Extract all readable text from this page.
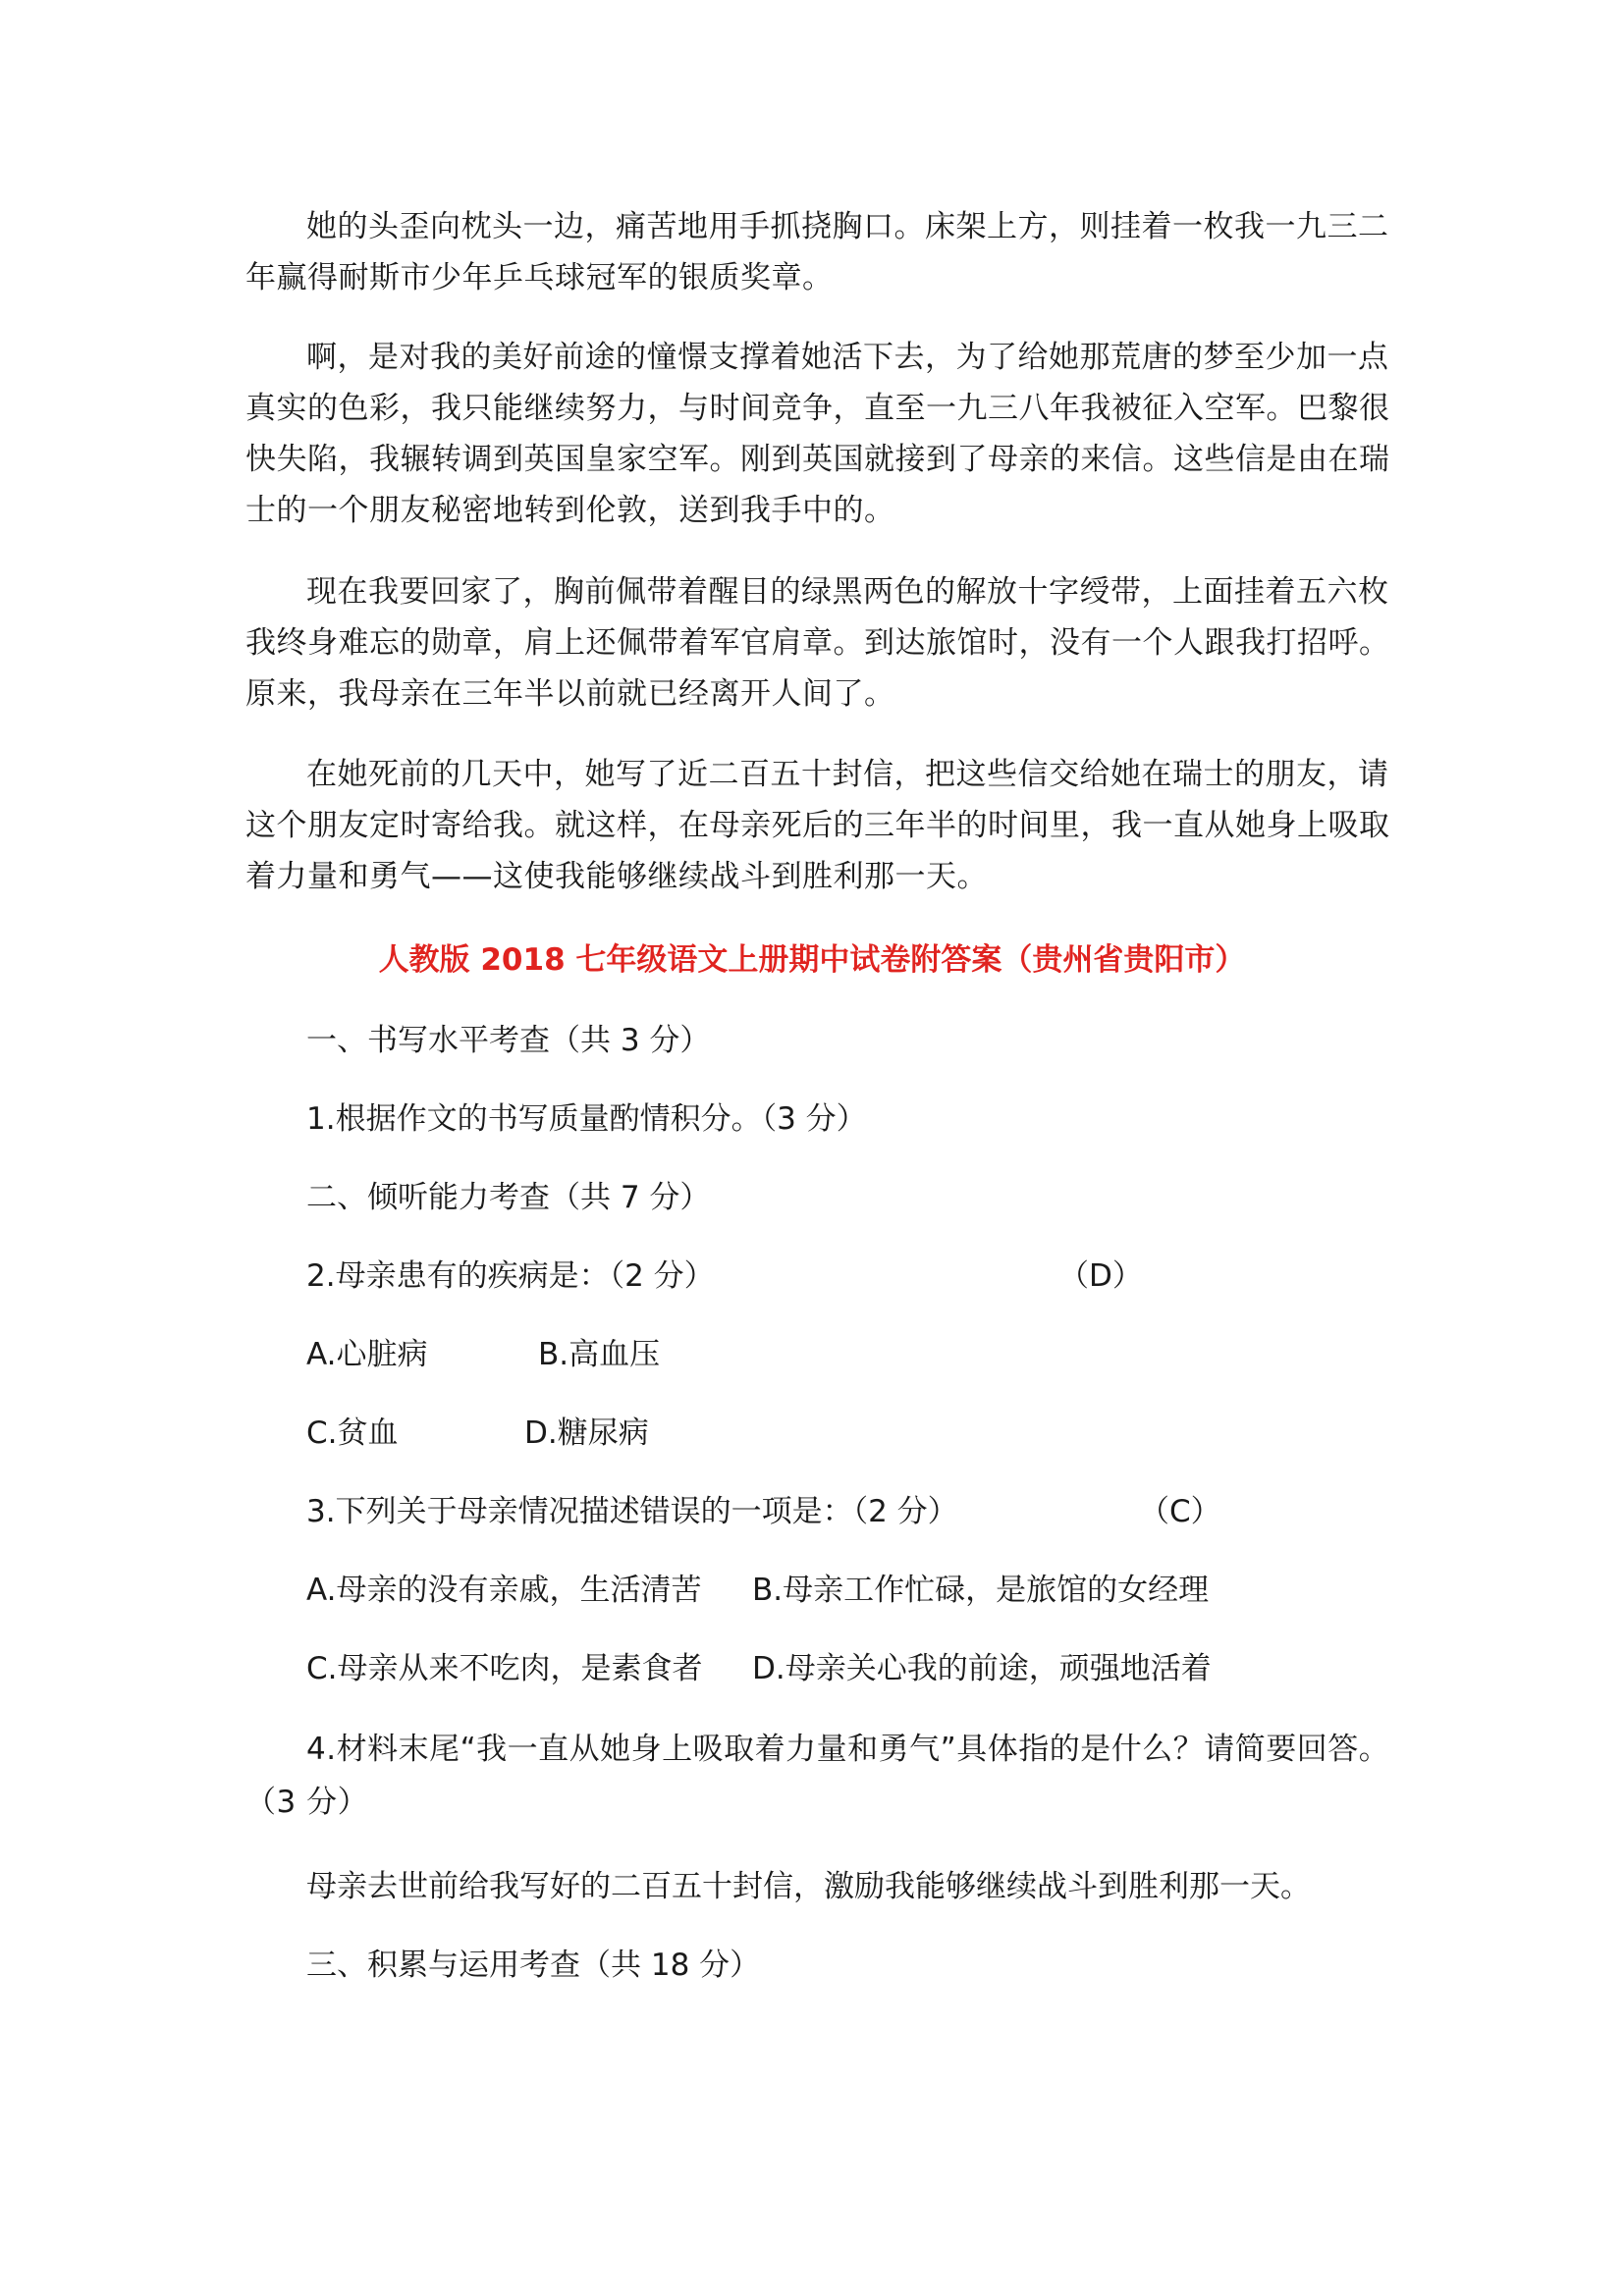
她的头歪向枕头一边，痛苦地用手抓挠胸口。床架上方，则挂着一枚我一九三二年赢得耐斯市少年乒乓球冠军的银质奖章。

啊，是对我的美好前途的憧憬支撑着她活下去，为了给她那荒唐的梦至少加一点真实的色彩，我只能继续努力，与时间竞争，直至一九三八年我被征入空军。巴黎很快失陷，我辗转调到英国皇家空军。刚到英国就接到了母亲的来信。这些信是由在瑞士的一个朋友秘密地转到伦敦，送到我手中的。

现在我要回家了，胸前佩带着醒目的绿黑两色的解放十字绶带，上面挂着五六枚我终身难忘的勋章，肩上还佩带着军官肩章。到达旅馆时，没有一个人跟我打招呼。原来，我母亲在三年半以前就已经离开人间了。

在她死前的几天中，她写了近二百五十封信，把这些信交给她在瑞士的朋友，请这个朋友定时寄给我。就这样，在母亲死后的三年半的时间里，我一直从她身上吸取着力量和勇气——这使我能够继续战斗到胜利那一天。

人教版 2018 七年级语文上册期中试卷附答案（贵州省贵阳市）

一、书写水平考查（共 3 分）

1.根据作文的书写质量酌情积分。（3 分）

二、倾听能力考查（共 7 分）

2.母亲患有的疾病是：（2 分）	（D）

A.心脏病	B.高血压

C.贫血	D.糖尿病

3.下列关于母亲情况描述错误的一项是：（2 分）	（C）

A.母亲的没有亲戚，生活清苦 B.母亲工作忙碌，是旅馆的女经理

C.母亲从来不吃肉，是素食者 D.母亲关心我的前途，顽强地活着

4.材料末尾“我一直从她身上吸取着力量和勇气”具体指的是什么？请简要回答。（3 分）

母亲去世前给我写好的二百五十封信，激励我能够继续战斗到胜利那一天。

三、积累与运用考查（共 18 分）
